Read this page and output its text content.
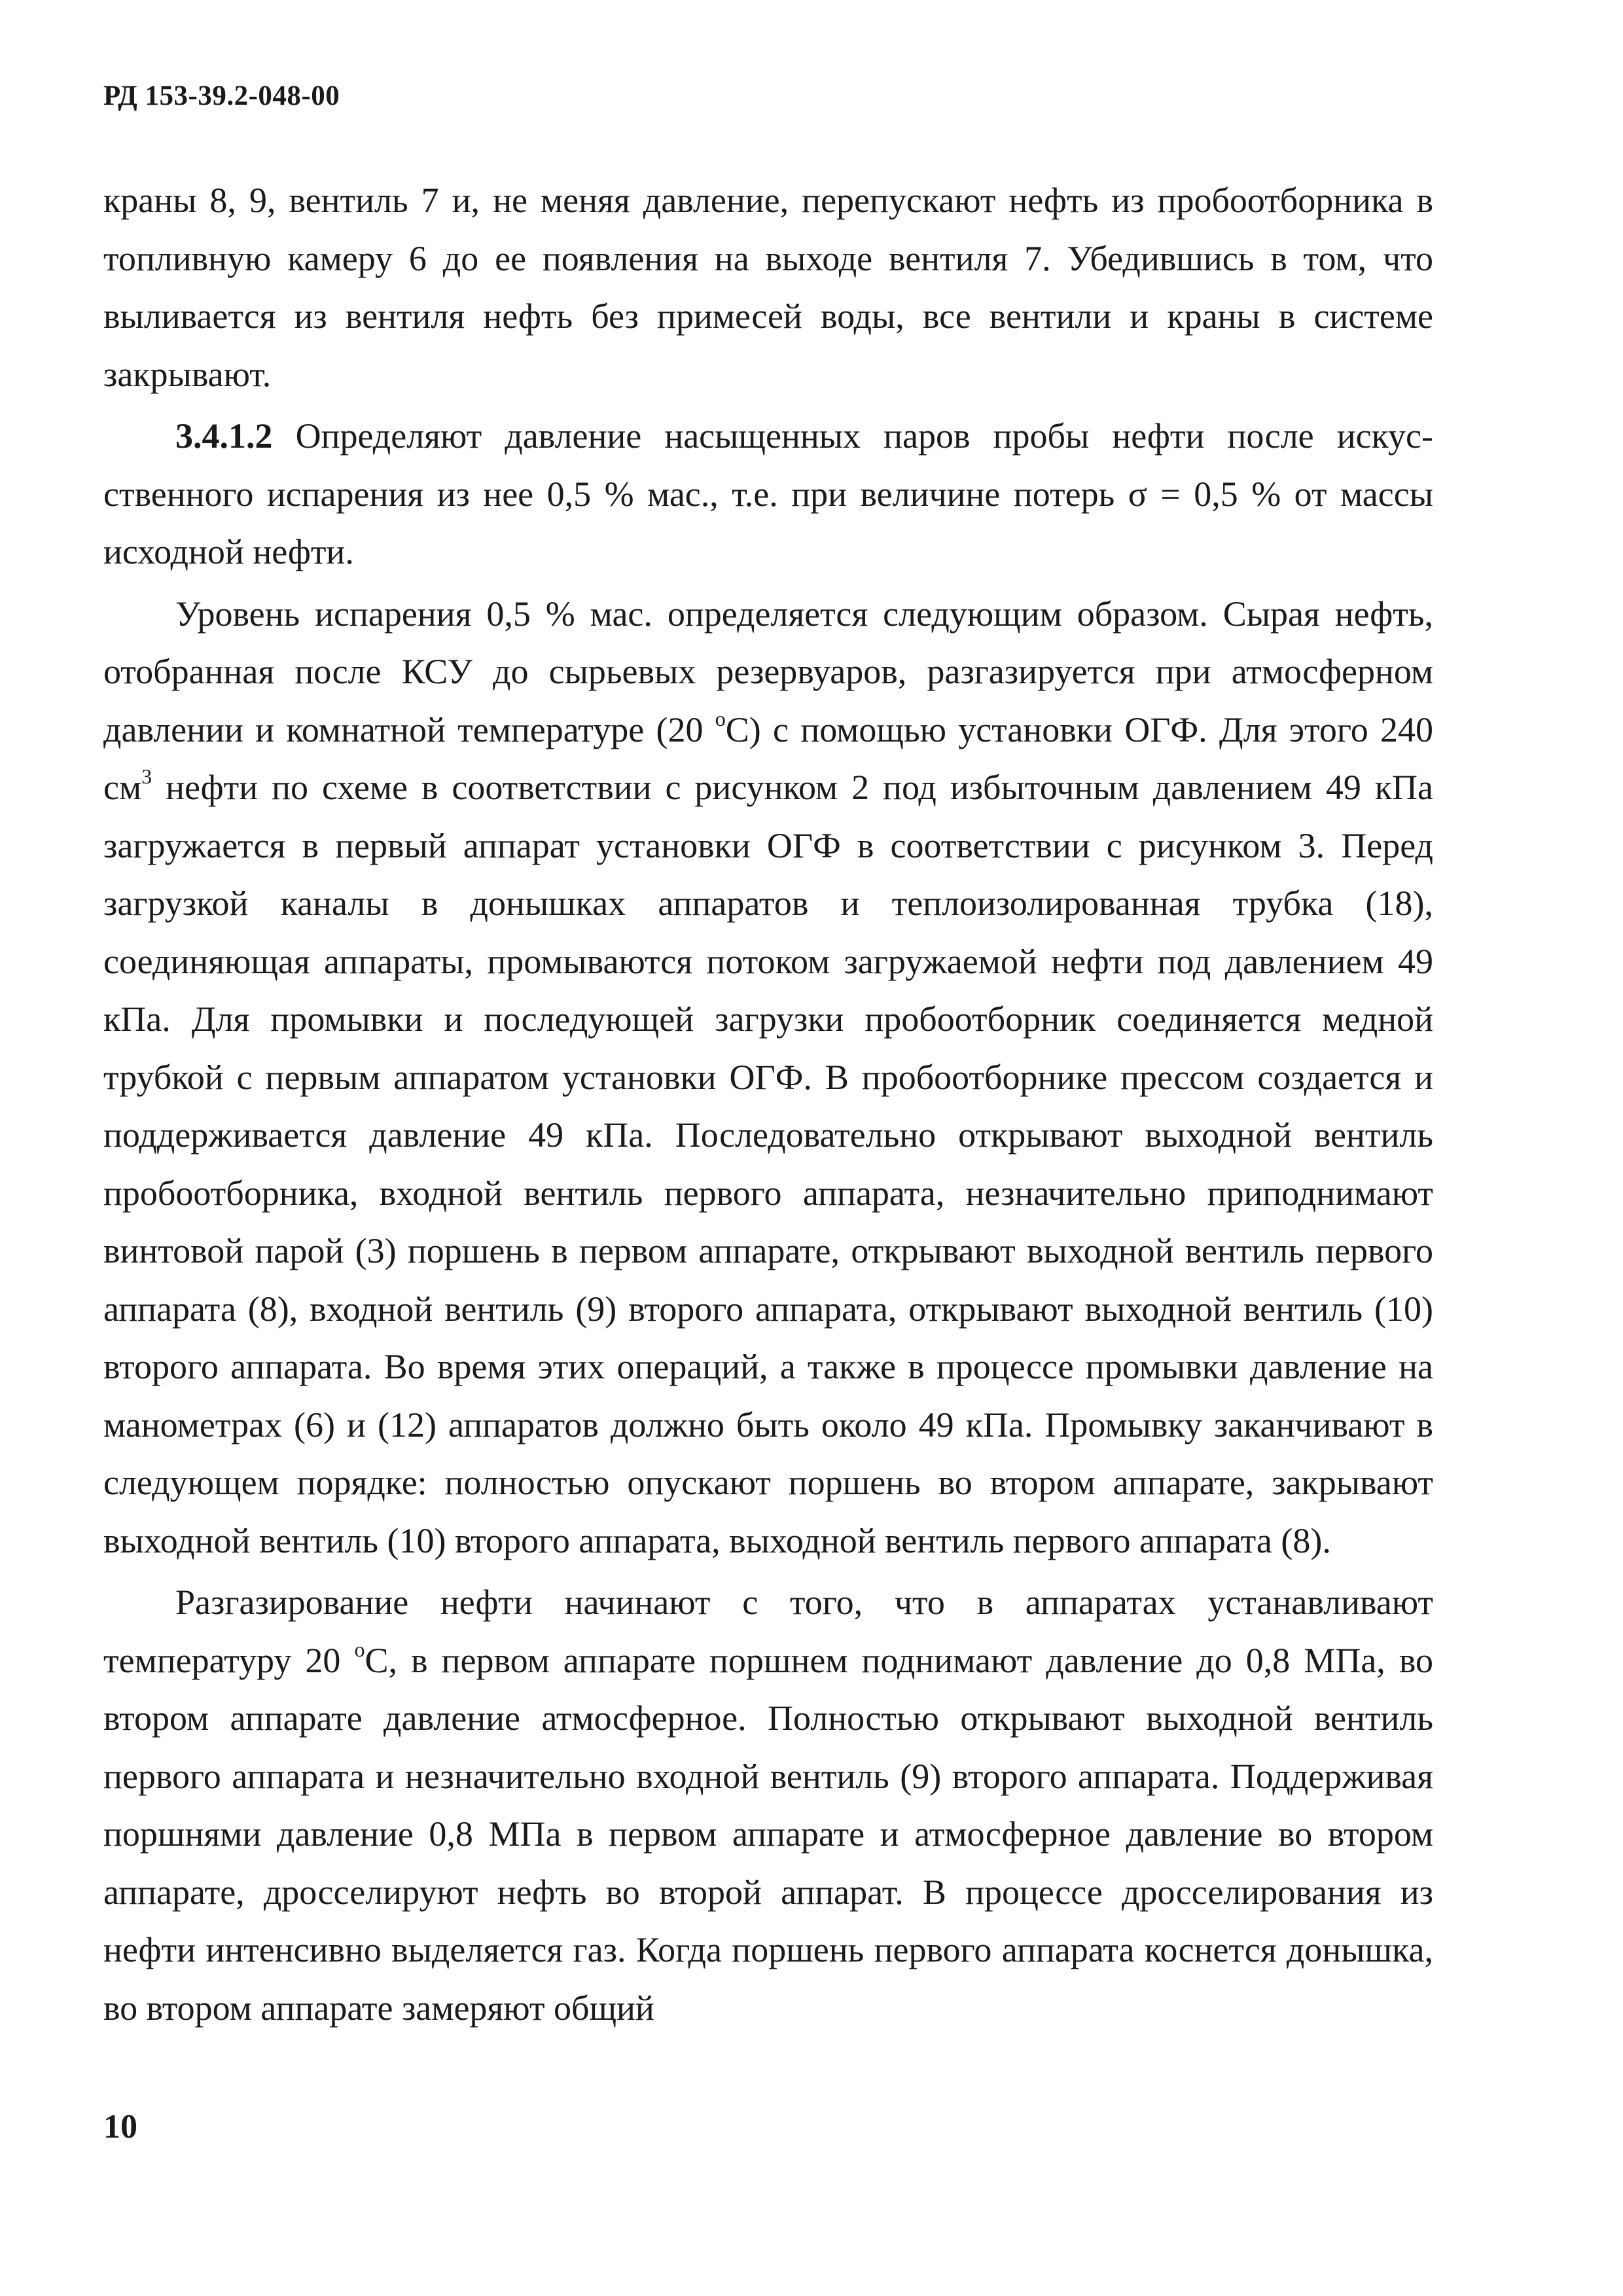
РД 153-39.2-048-00

краны 8, 9, вентиль 7 и, не меняя давление, перепускают нефть из пробоотборника в топливную камеру 6 до ее появления на выходе вентиля 7. Убедившись в том, что выливается из вентиля нефть без примесей воды, все вентили и краны в системе закрывают.

3.4.1.2 Определяют давление насыщенных паров пробы нефти после искусственного испарения из нее 0,5 % мас., т.е. при величине потерь σ = 0,5 % от массы исходной нефти.

Уровень испарения 0,5 % мас. определяется следующим образом. Сырая нефть, отобранная после КСУ до сырьевых резервуаров, разгазируется при атмосферном давлении и комнатной температуре (20 $^о$С) с помощью установки ОГФ. Для этого 240 $см^3$ нефти по схеме в соответствии с рисунком 2 под избыточным давлением 49 кПа загружается в первый аппарат установки ОГФ в соответствии с рисунком 3. Перед загрузкой каналы в донышках аппаратов и теплоизолированная трубка (18), соединяющая аппараты, промываются потоком загружаемой нефти под давлением 49 кПа. Для промывки и последующей загрузки пробоотборник соединяется медной трубкой с первым аппаратом установки ОГФ. В пробоотборнике прессом создается и поддерживается давление 49 кПа. Последовательно открывают выходной вентиль пробоотборника, входной вентиль первого аппарата, незначительно приподнимают винтовой парой (3) поршень в первом аппарате, открывают выходной вентиль первого аппарата (8), входной вентиль (9) второго аппарата, открывают выходной вентиль (10) второго аппарата. Во время этих операций, а также в процессе промывки давление на манометрах (6) и (12) аппаратов должно быть около 49 кПа. Промывку заканчивают в следующем порядке: полностью опускают поршень во втором аппарате, закрывают выходной вентиль (10) второго аппарата, выходной вентиль первого аппарата (8).

Разгазирование нефти начинают с того, что в аппаратах устанавливают температуру 20 $^о$С, в первом аппарате поршнем поднимают давление до 0,8 МПа, во втором аппарате давление атмосферное. Полностью открывают выходной вентиль первого аппарата и незначительно входной вентиль (9) второго аппарата. Поддерживая поршнями давление 0,8 МПа в первом аппарате и атмосферное давление во втором аппарате, дросселируют нефть во второй аппарат. В процессе дросселирования из нефти интенсивно выделяется газ. Когда поршень первого аппарата коснется донышка, во втором аппарате замеряют общий

10
